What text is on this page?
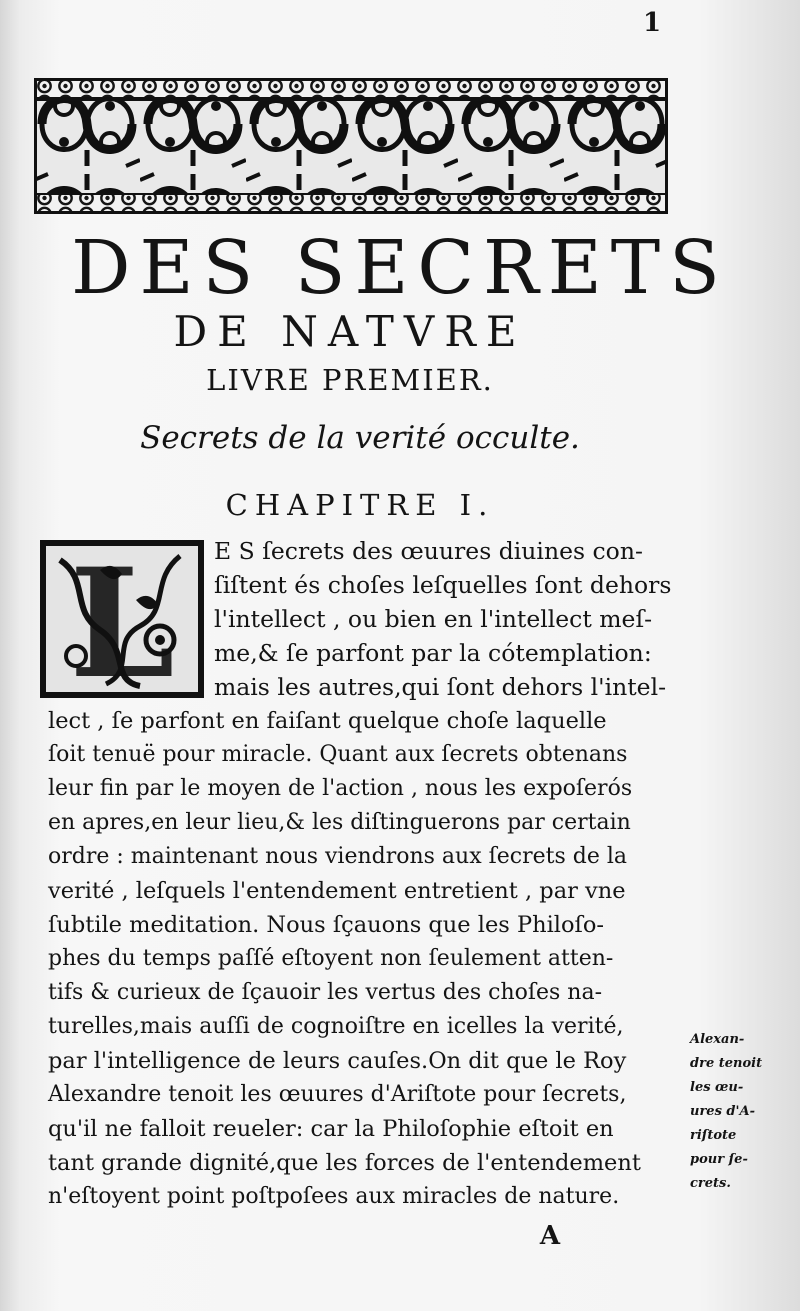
1
DES SECRETS
DE NATVRE
LIVRE PREMIER.
Secrets de la verité occulte.
CHAPITRE I.
L E S ſecrets des œuures diuines con-
ſiſtent és choſes leſquelles ſont dehors
l'intellect , ou bien en l'intellect meſ-
me,& ſe parfont par la cótemplation:
mais les autres,qui ſont dehors l'intel-
lect , ſe parfont en faiſant quelque choſe laquelle
ſoit tenuë pour miracle. Quant aux ſecrets obtenans
leur fin par le moyen de l'action , nous les expoſerós
en apres,en leur lieu,& les diſtinguerons par certain
ordre : maintenant nous viendrons aux ſecrets de la
verité , leſquels l'entendement entretient , par vne
ſubtile meditation. Nous ſçauons que les Philoſo-
phes du temps paſſé eſtoyent non ſeulement atten-
tifs & curieux de ſçauoir les vertus des choſes na-
turelles,mais auſſi de cognoiſtre en icelles la verité,
par l'intelligence de leurs cauſes.On dit que le Roy
Alexandre tenoit les œuures d'Ariſtote pour ſecrets,
qu'il ne falloit reueler: car la Philoſophie eſtoit en
tant grande dignité,que les forces de l'entendement
n'eſtoyent point poſtpoſees aux miracles de nature.
Alexan-
dre tenoit
les œu-
ures d'A-
riſtote
pour ſe-
crets.
A
